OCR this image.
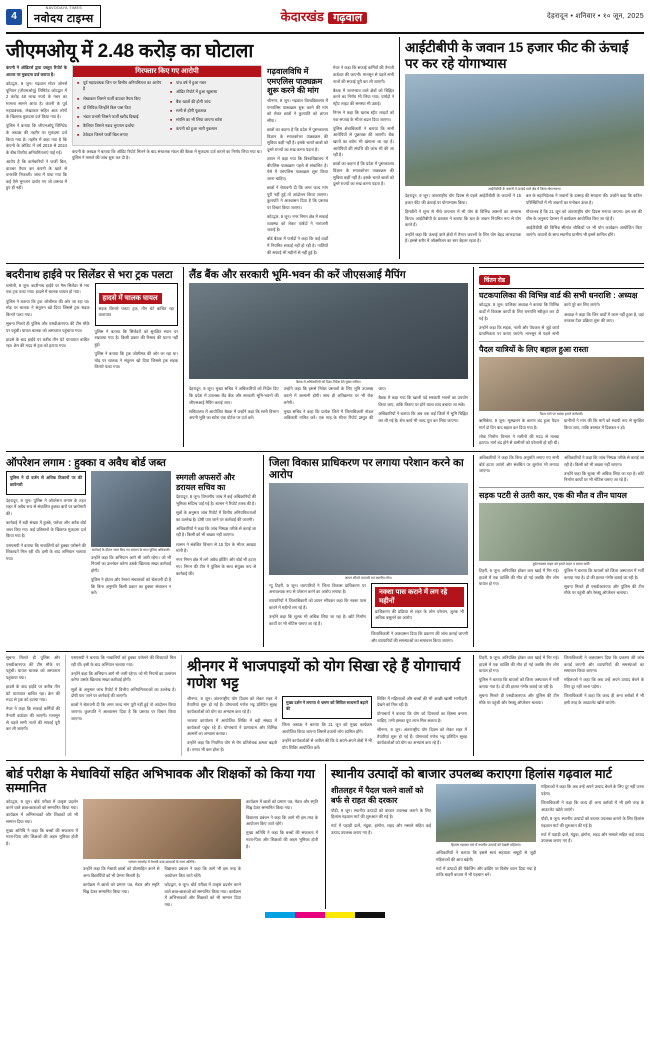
4
NAVODAYA TIMES
नवोदय टाइम्स	केदारखंड गढ़वाल	देहरादून • शनिवार • १० जून, 2025
जीएमओयू में 2.48 करोड़ का घोटाला

कंपनी ने ऑडिटर्स द्वारा प्रस्तुत रिपोर्ट के आधार पर मुकदमा दर्ज कराया है।

कोटद्वार, 9 जून। गढ़वाल मोटर ओनर्स यूनियन (जीएमओयू) लिमिटेड कोटद्वार में 2 करोड़ 48 लाख रुपये के गबन का मामला सामने आया है। कंपनी के पूर्व महाप्रबंधक, लेखाकार सहित आठ लोगों के खिलाफ मुकदमा दर्ज किया गया है।

पुलिस ने बताया कि जीएमओयू लिमिटेड के अध्यक्ष की तहरीर पर मुकदमा दर्ज किया गया है। तहरीर में कहा गया है कि कंपनी के ऑडिट में वर्ष 2019 से 2024 के बीच वित्तीय अनियमितताएं पाई गईं।

आरोप है कि कर्मचारियों ने फर्जी बिल, वाउचर तैयार कर कंपनी के खाते से धनराशि निकाली। जांच में पाया गया कि कई ऐसे भुगतान दर्शाए गए जो वास्तव में हुए ही नहीं।

गिरफ्तार किए गए आरोपी
■ पूर्व महाप्रबंधक जिन पर वित्तीय अनियमितता का आरोप है
■ लेखाकार जिसने फर्जी वाउचर तैयार किए
■ दो लिपिक जिन्होंने बिल पास किए
■ भंडार प्रभारी जिसने फर्जी खरीद दिखाई
■ कैशियर जिसने नकद भुगतान दर्शाया
■ ठेकेदार जिसने फर्जी बिल लगाए
■ पांच वर्ष में हुआ गबन
■ ऑडिट रिपोर्ट में हुआ खुलासा
■ बैंक खातों की होगी जांच
■ सभी से होगी पूछताछ
■ संपत्ति का भी लिया जाएगा ब्योरा
■ कंपनी को हुआ भारी नुकसान

कंपनी के अध्यक्ष ने बताया कि ऑडिट रिपोर्ट मिलने के बाद संचालक मंडल की बैठक में मुकदमा दर्ज कराने का निर्णय लिया गया था। पुलिस ने मामले की जांच शुरू कर दी है।

गढ़वालविधि में एमएलिस पाठ्यक्रम शुरू करने की मांग

श्रीनगर, 9 जून। गढ़वाल विश्वविद्यालय में एमएलिस पाठ्यक्रम शुरू करने की मांग को लेकर छात्रों ने कुलपति को ज्ञापन सौंपा।

छात्रों का कहना है कि प्रदेश में पुस्तकालय विज्ञान के स्नातकोत्तर पाठ्यक्रम की सुविधा कहीं नहीं है। इसके चलते छात्रों को दूसरे राज्यों का रुख करना पड़ता है।

ज्ञापन में कहा गया कि विश्वविद्यालय में बीएलिस पाठ्यक्रम पहले से संचालित है। ऐसे में एमएलिस पाठ्यक्रम शुरू किया जाना चाहिए।

छात्रों ने चेतावनी दी कि अगर जल्द मांग पूरी नहीं हुई तो आंदोलन किया जाएगा। कुलपति ने आश्वासन दिया है कि प्रस्ताव पर विचार किया जाएगा।

कोटद्वार, 9 जून। नगर निगम क्षेत्र में सफाई व्यवस्था को लेकर पार्षदों ने नाराजगी जताई है।

बोर्ड बैठक में पार्षदों ने कहा कि कई वार्डों में नियमित सफाई नहीं हो रही है। नालियों की सफाई भी महीनों से नहीं हुई है।

मेयर ने कहा कि सफाई कर्मियों की तैनाती वार्डवार की जाएगी। मानसून से पहले सभी नालों की सफाई पूरी कर ली जाएगी।

बैठक में जलभराव वाले क्षेत्रों को चिह्नित करने का निर्णय भी लिया गया। पार्षदों ने स्ट्रीट लाइट की समस्या भी उठाई।

निगम ने कहा कि खराब स्ट्रीट लाइटों को एक सप्ताह के भीतर बदल दिया जाएगा।

पुलिस क्षेत्राधिकारी ने बताया कि सभी आरोपियों से पूछताछ की जाएगी। बैंक खातों का ब्योरा भी खंगाला जा रहा है। आरोपियों की संपत्ति की जांच भी की जा रही है।

छात्रों का कहना है कि प्रदेश में पुस्तकालय विज्ञान के स्नातकोत्तर पाठ्यक्रम की सुविधा कहीं नहीं है। इसके चलते छात्रों को दूसरे राज्यों का रुख करना पड़ता है।

आईटीबीपी के जवान 15 हजार फीट की ऊंचाई पर कर रहे योगाभ्यास
आईटीबीपी के जवानों ने ऊंचाई वाले क्षेत्र में किया योगाभ्यास।

देहरादून, 9 जून। अंतरराष्ट्रीय योग दिवस से पहले आईटीबीपी के जवानों ने 15 हजार फीट की ऊंचाई पर योगाभ्यास किया।

हिमवीरों ने शून्य से नीचे तापमान में भी योग के विभिन्न आसनों का अभ्यास किया। आईटीबीपी के प्रवक्ता ने बताया कि बल के जवान नियमित रूप से योग करते हैं।

उन्होंने कहा कि ऊंचाई वाले क्षेत्रों में तैनात जवानों के लिए योग बेहद लाभदायक है। इससे शरीर में ऑक्सीजन का स्तर बेहतर रहता है।

बल के महानिदेशक ने जवानों के उत्साह की सराहना की। उन्होंने कहा कि कठिन परिस्थितियों में भी जवानों का मनोबल ऊंचा है।

गौरतलब है कि 21 जून को अंतरराष्ट्रीय योग दिवस मनाया जाएगा। इस बार की थीम के अनुरूप देशभर में कार्यक्रम आयोजित किए जा रहे हैं।

आईटीबीपी की विभिन्न सीमांत चौकियों पर भी योग कार्यक्रम आयोजित किए जाएंगे। जवानों के साथ स्थानीय ग्रामीण भी इसमें शामिल होंगे।

बदरीनाथ हाईवे पर सिलेंडर से भरा ट्रक पलटा

चमोली, 9 जून। बदरीनाथ हाईवे पर गैस सिलेंडर से भरा एक ट्रक पलट गया। हादसे में चालक घायल हो गया।

पुलिस ने बताया कि ट्रक जोशीमठ की ओर जा रहा था। मोड़ पर चालक ने संतुलन खो दिया जिससे ट्रक सड़क किनारे पलट गया।

सूचना मिलते ही पुलिस और एसडीआरएफ की टीम मौके पर पहुंची। घायल चालक को अस्पताल पहुंचाया गया।

हादसे के बाद हाईवे पर करीब तीन घंटे यातायात बाधित रहा। क्रेन की मदद से ट्रक को हटाया गया।

हादसे में चालक घायल

सड़क किनारे पलटा ट्रक, तीन घंटे बाधित रहा यातायात

पुलिस ने बताया कि सिलेंडरों को सुरक्षित स्थान पर रखवाया गया है। किसी प्रकार की रिसाव की घटना नहीं हुई।

पुलिस ने बताया कि ट्रक जोशीमठ की ओर जा रहा था। मोड़ पर चालक ने संतुलन खो दिया जिससे ट्रक सड़क किनारे पलट गया।

लैंड बैंक और सरकारी भूमि-भवन की करें जीएसआई मैपिंग
बैठक में अधिकारियों को दिशा-निर्देश देते मुख्य सचिव।

देहरादून, 9 जून। मुख्य सचिव ने अधिकारियों को निर्देश दिए कि प्रदेश में उपलब्ध लैंड बैंक और सरकारी भूमि-भवनों की जीएसआई मैपिंग कराई जाए।

सचिवालय में आयोजित बैठक में उन्होंने कहा कि सभी विभाग अपनी भूमि का ब्योरा एक पोर्टल पर दर्ज करें।

उन्होंने कहा कि इससे निवेश प्रस्तावों के लिए भूमि उपलब्ध कराने में आसानी होगी। साथ ही अतिक्रमण पर भी रोक लगेगी।

मुख्य सचिव ने कहा कि प्रत्येक जिले में जिलाधिकारी नोडल अधिकारी नामित करें। एक माह के भीतर रिपोर्ट प्रस्तुत की जाए।

बैठक में कहा गया कि खाली पड़े सरकारी भवनों का उपयोग किया जाए, ताकि किराए पर होने वाला व्यय बचाया जा सके।

अधिकारियों ने बताया कि अब तक कई जिलों में भूमि चिह्नित कर ली गई है। शेष कार्य भी जल्द पूरा कर लिया जाएगा।

चिंतन रोड
घटकपालिका की विभिन्न वार्ड की सभी धनराशि : अध्यक्ष

कोटद्वार, 9 जून। पालिका अध्यक्ष ने बताया कि विभिन्न वार्डों में विकास कार्यों के लिए धनराशि स्वीकृत कर दी गई है।

उन्होंने कहा कि सड़क, नाली और पेयजल से जुड़े कार्य प्राथमिकता पर कराए जाएंगे। मानसून से पहले सभी कार्य पूरे कर लिए जाएंगे।

अध्यक्ष ने कहा कि जिन वार्डों में काम नहीं हुआ है, वहां तत्काल टेंडर प्रक्रिया शुरू की जाए।

पैदल यात्रियों के लिए बहाल हुआ रास्ता
पैदल मार्ग पर मलबा हटाते कर्मचारी।

ऋषिकेश, 9 जून। भूस्खलन के कारण बंद हुआ पैदल मार्ग दो दिन बाद बहाल कर दिया गया है।

लोक निर्माण विभाग ने मशीनों की मदद से मलबा हटाया। मार्ग बंद होने से ग्रामीणों को परेशानी हो रही थी।

ग्रामीणों ने मांग की कि मार्ग को स्थायी रूप से सुरक्षित किया जाए, ताकि बरसात में दिक्कत न हो।

ऑपरेशन लगाम : हुक्का व अवैध बोर्ड जब्त

पुलिस ने दो दर्जन से अधिक ठिकानों पर की छापेमारी

देहरादून, 9 जून। पुलिस ने ऑपरेशन लगाम के तहत शहर में अवैध रूप से संचालित हुक्का बारों पर छापेमारी की।

कार्रवाई में बड़ी संख्या में हुक्के, फ्लेवर और अवैध बोर्ड जब्त किए गए। कई प्रतिष्ठानों के खिलाफ मुकदमा दर्ज किया गया है।

एसएसपी ने बताया कि नाबालिगों को हुक्का परोसने की शिकायतें मिल रही थीं। इसी के बाद अभियान चलाया गया।

कार्रवाई के दौरान जब्त किए गए सामान के साथ पुलिस अधिकारी।

उन्होंने कहा कि अभियान आगे भी जारी रहेगा। जो भी नियमों का उल्लंघन करेगा उसके खिलाफ सख्त कार्रवाई होगी।

पुलिस ने होटल और रेस्तरां संचालकों को चेतावनी दी है कि बिना अनुमति किसी प्रकार का हुक्का संचालन न करें।

स्मगली अफसरों और डरायल सचिव का

देहरादून, 9 जून। विभागीय जांच में कई अधिकारियों की भूमिका संदिग्ध पाई गई है। शासन ने रिपोर्ट तलब की है।

सूत्रों के अनुसार जांच रिपोर्ट में वित्तीय अनियमितताओं का उल्लेख है। दोषी पाए जाने पर कार्रवाई की जाएगी।

अधिकारियों ने कहा कि जांच निष्पक्ष तरीके से कराई जा रही है। किसी को भी बख्शा नहीं जाएगा।

शासन ने संबंधित विभाग से 15 दिन के भीतर आख्या मांगी है।

नगर निगम क्षेत्र में लगे अवैध होर्डिंग और बोर्ड भी हटाए गए। निगम की टीम ने पुलिस के साथ संयुक्त रूप से कार्रवाई की।

जिला विकास प्राधिकरण पर लगाया परेशान करने का आरोप
ज्ञापन सौंपते व्यापारी एवं स्थानीय लोग।

न्यू टिहरी, 9 जून। व्यापारियों ने जिला विकास प्राधिकरण पर अनावश्यक रूप से परेशान करने का आरोप लगाया है।

व्यापारियों ने जिलाधिकारी को ज्ञापन सौंपकर कहा कि नक्शा पास कराने में महीनों लग रहे हैं।

उन्होंने कहा कि शुल्क भी अधिक लिया जा रहा है। छोटे निर्माण कार्यों पर भी नोटिस थमाए जा रहे हैं।

नक्शा पास कराने में लग रहे महीनों

प्राधिकरण की प्रक्रिया से शहर के लोग परेशान, शुल्क भी अधिक वसूलने का आरोप

जिलाधिकारी ने आश्वासन दिया कि प्रकरण की जांच कराई जाएगी और व्यापारियों की समस्याओं का समाधान किया जाएगा।

अधिकारियों ने कहा कि बिना अनुमति लगाए गए सभी बोर्ड हटाए जाएंगे और संबंधित पर जुर्माना भी लगाया जाएगा।

अधिकारियों ने कहा कि जांच निष्पक्ष तरीके से कराई जा रही है। किसी को भी बख्शा नहीं जाएगा।

उन्होंने कहा कि शुल्क भी अधिक लिया जा रहा है। छोटे निर्माण कार्यों पर भी नोटिस थमाए जा रहे हैं।

सड़क पटरी से उतरी कार, एक की मौत व तीन घायल
दुर्घटनाग्रस्त वाहन को हटाते राहत व बचाव कर्मी।

टिहरी, 9 जून। अनियंत्रित होकर कार खाई में गिर गई। हादसे में एक व्यक्ति की मौत हो गई जबकि तीन लोग घायल हो गए।

पुलिस ने बताया कि घायलों को जिला अस्पताल में भर्ती कराया गया है। दो की हालत गंभीर बताई जा रही है।

सूचना मिलते ही एसडीआरएफ और पुलिस की टीम मौके पर पहुंची और रेस्क्यू ऑपरेशन चलाया।

सूचना मिलते ही पुलिस और एसडीआरएफ की टीम मौके पर पहुंची। घायल चालक को अस्पताल पहुंचाया गया।

हादसे के बाद हाईवे पर करीब तीन घंटे यातायात बाधित रहा। क्रेन की मदद से ट्रक को हटाया गया।

मेयर ने कहा कि सफाई कर्मियों की तैनाती वार्डवार की जाएगी। मानसून से पहले सभी नालों की सफाई पूरी कर ली जाएगी।

एसएसपी ने बताया कि नाबालिगों को हुक्का परोसने की शिकायतें मिल रही थीं। इसी के बाद अभियान चलाया गया।

उन्होंने कहा कि अभियान आगे भी जारी रहेगा। जो भी नियमों का उल्लंघन करेगा उसके खिलाफ सख्त कार्रवाई होगी।

सूत्रों के अनुसार जांच रिपोर्ट में वित्तीय अनियमितताओं का उल्लेख है। दोषी पाए जाने पर कार्रवाई की जाएगी।

छात्रों ने चेतावनी दी कि अगर जल्द मांग पूरी नहीं हुई तो आंदोलन किया जाएगा। कुलपति ने आश्वासन दिया है कि प्रस्ताव पर विचार किया जाएगा।

श्रीनगर में भाजपाइयों को योग सिखा रहे हैं योगाचार्य गणेश भट्ट

श्रीनगर, 9 जून। अंतरराष्ट्रीय योग दिवस को लेकर शहर में तैयारियां शुरू हो गई हैं। योगाचार्य गणेश भट्ट प्रतिदिन सुबह कार्यकर्ताओं को योग का अभ्यास करा रहे हैं।

भाजपा कार्यालय में आयोजित शिविर में बड़ी संख्या में कार्यकर्ता पहुंच रहे हैं। योगाचार्य ने प्राणायाम और विभिन्न आसनों का अभ्यास कराया।

उन्होंने कहा कि नियमित योग से रोग प्रतिरोधक क्षमता बढ़ती है। तनाव भी कम होता है।

मुख्य दर्शन ने लगाया थे भ्रमण को सिविल साधनायें बढ़ाने की

जिला अध्यक्ष ने बताया कि 21 जून को मुख्य कार्यक्रम आयोजित किया जाएगा जिसमें हजारों लोग शामिल होंगे।

उन्होंने कार्यकर्ताओं से अपील की कि वे अपने-अपने क्षेत्रों में भी योग शिविर आयोजित करें।

शिविर में महिलाओं और बच्चों की भी अच्छी खासी भागीदारी देखने को मिल रही है।

योगाचार्य ने बताया कि योग को दिनचर्या का हिस्सा बनाना चाहिए, तभी इसका पूरा लाभ मिल सकता है।

श्रीनगर, 9 जून। अंतरराष्ट्रीय योग दिवस को लेकर शहर में तैयारियां शुरू हो गई हैं। योगाचार्य गणेश भट्ट प्रतिदिन सुबह कार्यकर्ताओं को योग का अभ्यास करा रहे हैं।

टिहरी, 9 जून। अनियंत्रित होकर कार खाई में गिर गई। हादसे में एक व्यक्ति की मौत हो गई जबकि तीन लोग घायल हो गए।

पुलिस ने बताया कि घायलों को जिला अस्पताल में भर्ती कराया गया है। दो की हालत गंभीर बताई जा रही है।

सूचना मिलते ही एसडीआरएफ और पुलिस की टीम मौके पर पहुंची और रेस्क्यू ऑपरेशन चलाया।

जिलाधिकारी ने आश्वासन दिया कि प्रकरण की जांच कराई जाएगी और व्यापारियों की समस्याओं का समाधान किया जाएगा।

महिलाओं ने कहा कि अब उन्हें अपने उत्पाद बेचने के लिए दूर नहीं जाना पड़ेगा।

जिलाधिकारी ने कहा कि जल्द ही अन्य ब्लॉकों में भी इसी तरह के आउटलेट खोले जाएंगे।

बोर्ड परीक्षा के मेधावियों सहित अभिभावक और शिक्षकों को किया गया सम्मानित

कोटद्वार, 9 जून। बोर्ड परीक्षा में उत्कृष्ट प्रदर्शन करने वाले छात्र-छात्राओं को सम्मानित किया गया। कार्यक्रम में अभिभावकों और शिक्षकों को भी सम्मान दिया गया।

मुख्य अतिथि ने कहा कि बच्चों की सफलता में माता-पिता और शिक्षकों की अहम भूमिका होती है।

सम्मान समारोह में मेधावी छात्र-छात्राओं के साथ अतिथि।

उन्होंने कहा कि मेधावी छात्रों को प्रोत्साहित करने से अन्य विद्यार्थियों को भी प्रेरणा मिलती है।

कार्यक्रम में छात्रों को प्रमाण पत्र, मेडल और स्मृति चिह्न देकर सम्मानित किया गया।

विद्यालय प्रबंधन ने कहा कि आगे भी इस तरह के आयोजन किए जाते रहेंगे।

कोटद्वार, 9 जून। बोर्ड परीक्षा में उत्कृष्ट प्रदर्शन करने वाले छात्र-छात्राओं को सम्मानित किया गया। कार्यक्रम में अभिभावकों और शिक्षकों को भी सम्मान दिया गया।

कार्यक्रम में छात्रों को प्रमाण पत्र, मेडल और स्मृति चिह्न देकर सम्मानित किया गया।

विद्यालय प्रबंधन ने कहा कि आगे भी इस तरह के आयोजन किए जाते रहेंगे।

मुख्य अतिथि ने कहा कि बच्चों की सफलता में माता-पिता और शिक्षकों की अहम भूमिका होती है।

स्थानीय उत्पादों को बाजार उपलब्ध कराएगा हिलांस गढ़वाल मार्ट
शीतलहर में पैदल चलने वालों को बर्फ से राहत की दरकार

पौड़ी, 9 जून। स्थानीय उत्पादों को बाजार उपलब्ध कराने के लिए हिलांस गढ़वाल मार्ट की शुरुआत की गई है।

मार्ट में पहाड़ी दालें, मंडुवा, झंगोरा, शहद और मसाले सहित कई उत्पाद उपलब्ध कराए गए हैं।

हिलांस गढ़वाल मार्ट में स्थानीय उत्पादों को देखती महिलाएं।

अधिकारियों ने बताया कि इससे स्वयं सहायता समूहों से जुड़ी महिलाओं की आय बढ़ेगी।

मार्ट में उत्पादों की पैकेजिंग और ब्रांडिंग पर विशेष ध्यान दिया गया है ताकि बाहरी बाजार में भी पहचान बने।

महिलाओं ने कहा कि अब उन्हें अपने उत्पाद बेचने के लिए दूर नहीं जाना पड़ेगा।

जिलाधिकारी ने कहा कि जल्द ही अन्य ब्लॉकों में भी इसी तरह के आउटलेट खोले जाएंगे।

पौड़ी, 9 जून। स्थानीय उत्पादों को बाजार उपलब्ध कराने के लिए हिलांस गढ़वाल मार्ट की शुरुआत की गई है।

मार्ट में पहाड़ी दालें, मंडुवा, झंगोरा, शहद और मसाले सहित कई उत्पाद उपलब्ध कराए गए हैं।
